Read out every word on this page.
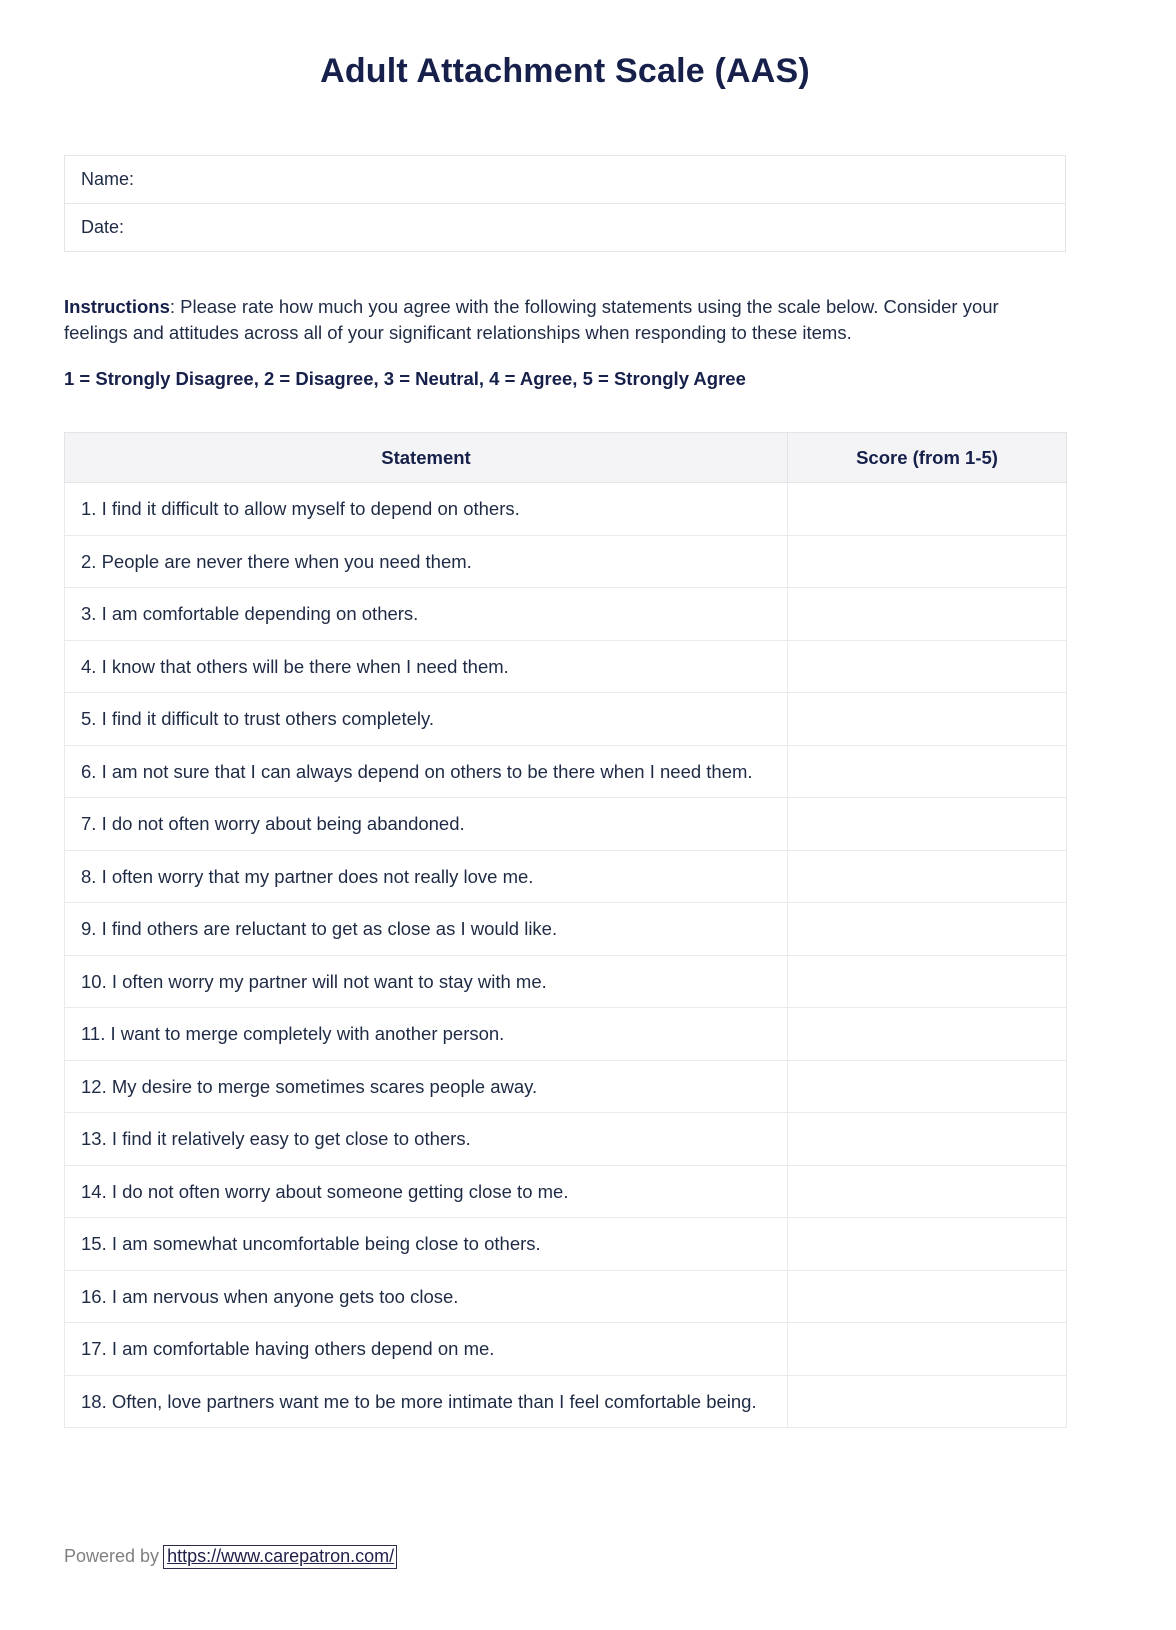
Adult Attachment Scale (AAS)
Name:
Date:

Instructions: Please rate how much you agree with the following statements using the scale below. Consider your feelings and attitudes across all of your significant relationships when responding to these items.

1 = Strongly Disagree, 2 = Disagree, 3 = Neutral, 4 = Agree, 5 = Strongly Agree

Statement	Score (from 1-5)
1. I find it difficult to allow myself to depend on others.	
2. People are never there when you need them.	
3. I am comfortable depending on others.	
4. I know that others will be there when I need them.	
5. I find it difficult to trust others completely.	
6. I am not sure that I can always depend on others to be there when I need them.	
7. I do not often worry about being abandoned.	
8. I often worry that my partner does not really love me.	
9. I find others are reluctant to get as close as I would like.	
10. I often worry my partner will not want to stay with me.	
11. I want to merge completely with another person.	
12. My desire to merge sometimes scares people away.	
13. I find it relatively easy to get close to others.	
14. I do not often worry about someone getting close to me.	
15. I am somewhat uncomfortable being close to others.	
16. I am nervous when anyone gets too close.	
17. I am comfortable having others depend on me.	
18. Often, love partners want me to be more intimate than I feel comfortable being.	
Powered by https://www.carepatron.com/
